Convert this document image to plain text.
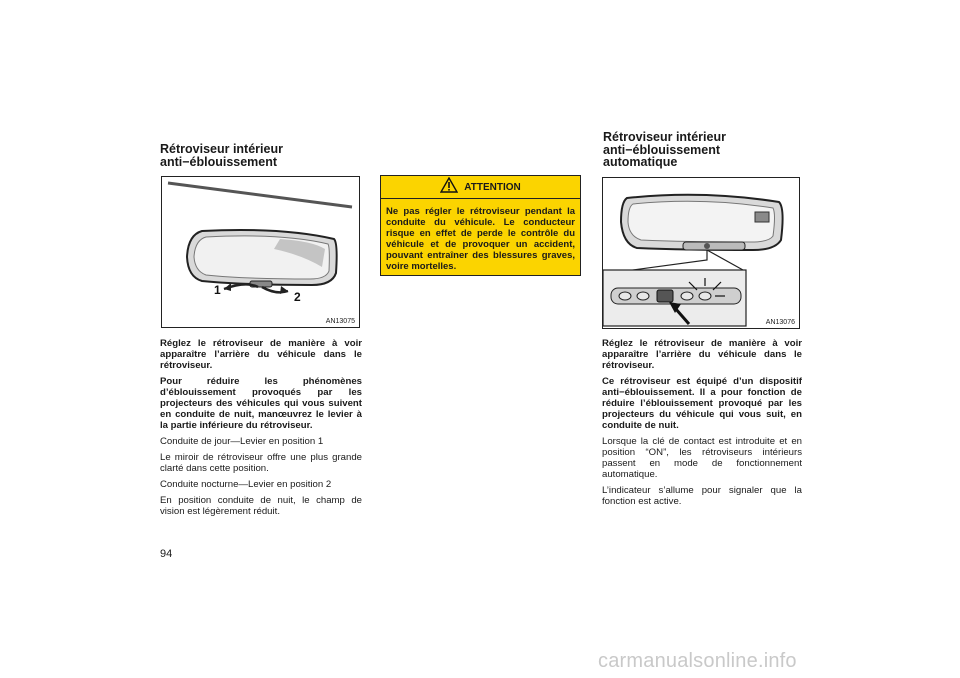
Rétroviseur intérieur
anti−éblouissement
1	2
AN13075

Réglez le rétroviseur de manière à voir apparaître l’arrière du véhicule dans le rétroviseur.

Pour réduire les phénomènes d’éblouissement provoqués par les projecteurs des véhicules qui vous suivent en conduite de nuit, manœuvrez le levier à la partie inférieure du rétroviseur.

Conduite de jour—Levier en position 1

Le miroir de rétroviseur offre une plus grande clarté dans cette position.

Conduite nocturne—Levier en position 2

En position conduite de nuit, le champ de vision est légèrement réduit.

ATTENTION
Ne pas régler le rétroviseur pendant la conduite du véhicule. Le conducteur risque en effet de perde le contrôle du véhicule et de provoquer un accident, pouvant entraîner des blessures graves, voire mortelles.
Rétroviseur intérieur
anti−éblouissement
automatique
AN13076

Réglez le rétroviseur de manière à voir apparaître l’arrière du véhicule dans le rétroviseur.

Ce rétroviseur est équipé d’un dispositif anti−éblouissement. Il a pour fonction de réduire l’éblouissement provoqué par les projecteurs du véhicule qui vous suit, en conduite de nuit.

Lorsque la clé de contact est introduite et en position “ON”, les rétroviseurs intérieurs passent en mode de fonctionnement automatique.

L’indicateur s’allume pour signaler que la fonction est active.

94
carmanualsonline.info
